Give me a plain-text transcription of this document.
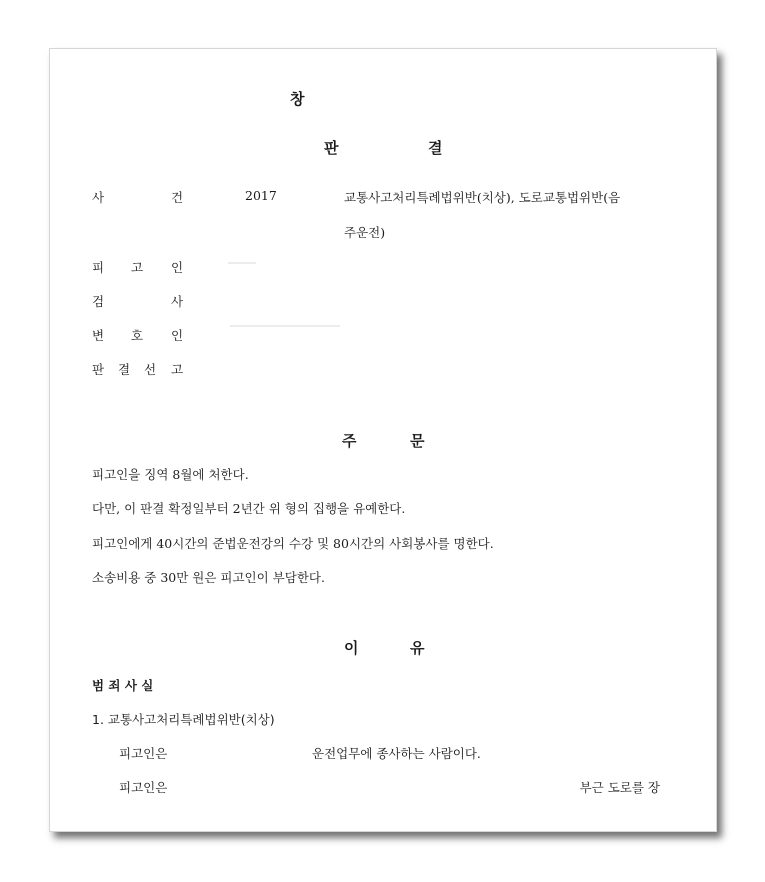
창
판	결
사	건	2017	교통사고처리특례법위반(치상), 도로교통법위반(음
주운전)
피 고 인
검	사
변 호 인
판 결 선 고
주	문
피고인을 징역 8월에 처한다.
다만, 이 판결 확정일부터 2년간 위 형의 집행을 유예한다.
피고인에게 40시간의 준법운전강의 수강 및 80시간의 사회봉사를 명한다.
소송비용 중 30만 원은 피고인이 부담한다.
이	유
범 죄 사 실
1. 교통사고처리특례법위반(치상)
피고인은	운전업무에 종사하는 사람이다.
피고인은	부근 도로를 장
